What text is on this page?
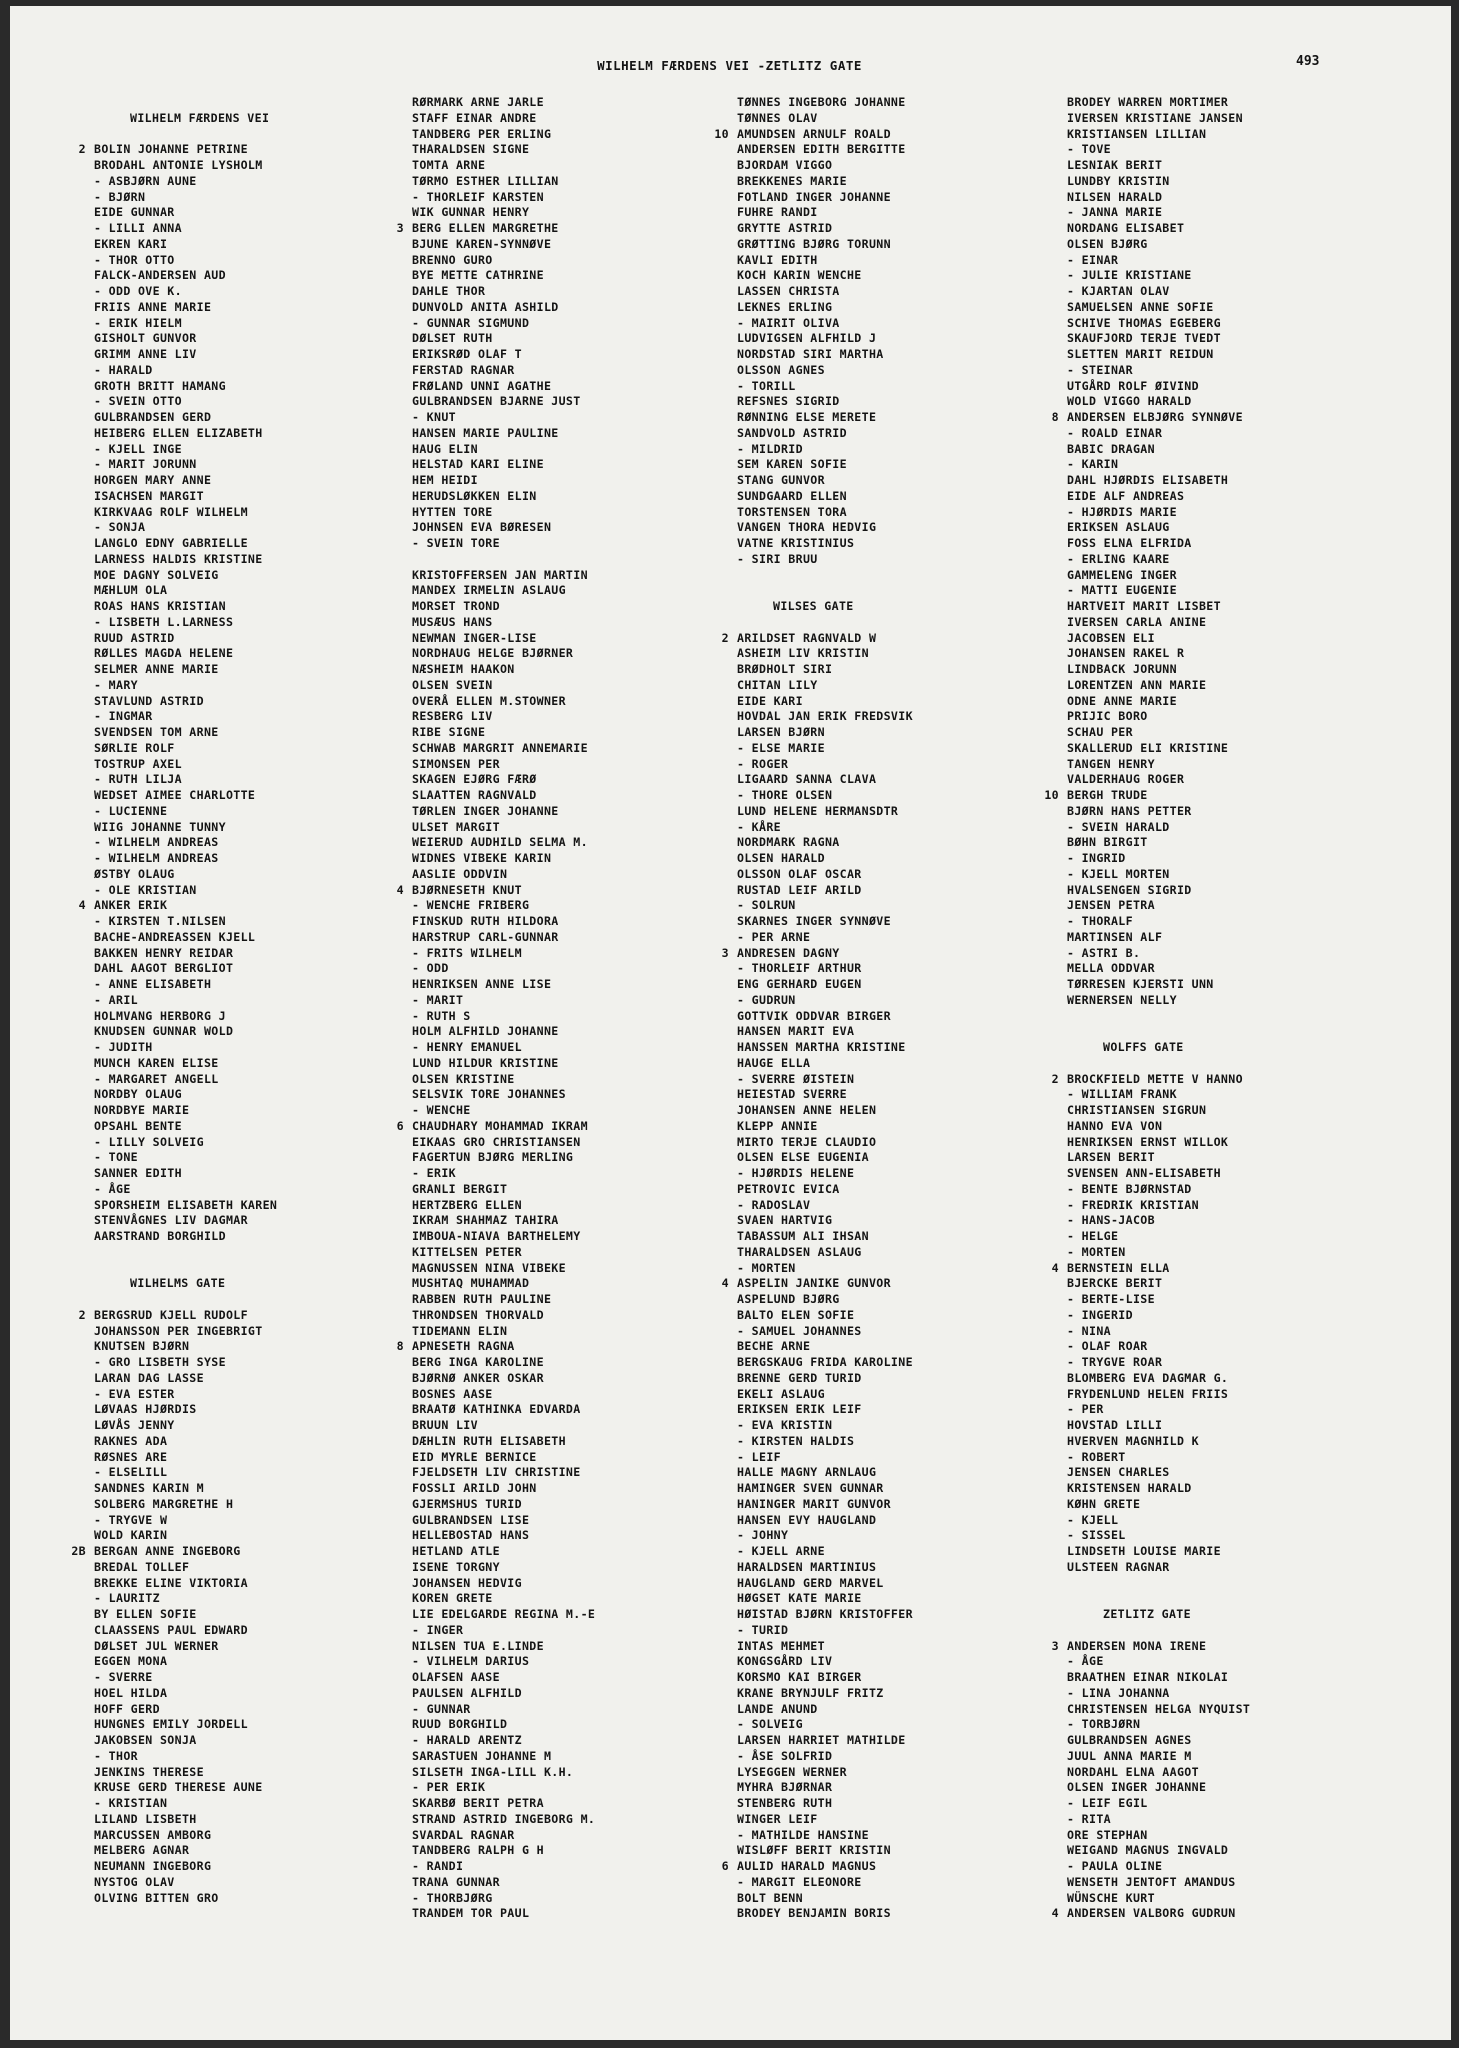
WILHELM FÆRDENS VEI -ZETLITZ GATE	493
WILHELM FÆRDENS VEI
2 BOLIN JOHANNE PETRINE
BRODAHL ANTONIE LYSHOLM
- ASBJØRN AUNE
- BJØRN
EIDE GUNNAR
- LILLI ANNA
EKREN KARI
- THOR OTTO
FALCK-ANDERSEN AUD
- ODD OVE K.
FRIIS ANNE MARIE
- ERIK HIELM
GISHOLT GUNVOR
GRIMM ANNE LIV
- HARALD
GROTH BRITT HAMANG
- SVEIN OTTO
GULBRANDSEN GERD
HEIBERG ELLEN ELIZABETH
- KJELL INGE
- MARIT JORUNN
HORGEN MARY ANNE
ISACHSEN MARGIT
KIRKVAAG ROLF WILHELM
- SONJA
LANGLO EDNY GABRIELLE
LARNESS HALDIS KRISTINE
MOE DAGNY SOLVEIG
MÆHLUM OLA
ROAS HANS KRISTIAN
- LISBETH L.LARNESS
RUUD ASTRID
RØLLES MAGDA HELENE
SELMER ANNE MARIE
- MARY
STAVLUND ASTRID
- INGMAR
SVENDSEN TOM ARNE
SØRLIE ROLF
TOSTRUP AXEL
- RUTH LILJA
WEDSET AIMEE CHARLOTTE
- LUCIENNE
WIIG JOHANNE TUNNY
- WILHELM ANDREAS
- WILHELM ANDREAS
ØSTBY OLAUG
- OLE KRISTIAN
4 ANKER ERIK
- KIRSTEN T.NILSEN
BACHE-ANDREASSEN KJELL
BAKKEN HENRY REIDAR
DAHL AAGOT BERGLIOT
- ANNE ELISABETH
- ARIL
HOLMVANG HERBORG J
KNUDSEN GUNNAR WOLD
- JUDITH
MUNCH KAREN ELISE
- MARGARET ANGELL
NORDBY OLAUG
NORDBYE MARIE
OPSAHL BENTE
- LILLY SOLVEIG
- TONE
SANNER EDITH
- ÅGE
SPORSHEIM ELISABETH KAREN
STENVÅGNES LIV DAGMAR
AARSTRAND BORGHILD
WILHELMS GATE
2 BERGSRUD KJELL RUDOLF
JOHANSSON PER INGEBRIGT
KNUTSEN BJØRN
- GRO LISBETH SYSE
LARAN DAG LASSE
- EVA ESTER
LØVAAS HJØRDIS
LØVÅS JENNY
RAKNES ADA
RØSNES ARE
- ELSELILL
SANDNES KARIN M
SOLBERG MARGRETHE H
- TRYGVE W
WOLD KARIN
2B BERGAN ANNE INGEBORG
BREDAL TOLLEF
BREKKE ELINE VIKTORIA
- LAURITZ
BY ELLEN SOFIE
CLAASSENS PAUL EDWARD
DØLSET JUL WERNER
EGGEN MONA
- SVERRE
HOEL HILDA
HOFF GERD
HUNGNES EMILY JORDELL
JAKOBSEN SONJA
- THOR
JENKINS THERESE
KRUSE GERD THERESE AUNE
- KRISTIAN
LILAND LISBETH
MARCUSSEN AMBORG
MELBERG AGNAR
NEUMANN INGEBORG
NYSTOG OLAV
OLVING BITTEN GRO
RØRMARK ARNE JARLE
STAFF EINAR ANDRE
TANDBERG PER ERLING
THARALDSEN SIGNE
TOMTA ARNE
TØRMO ESTHER LILLIAN
- THORLEIF KARSTEN
WIK GUNNAR HENRY
3 BERG ELLEN MARGRETHE
BJUNE KAREN-SYNNØVE
BRENNO GURO
BYE METTE CATHRINE
DAHLE THOR
DUNVOLD ANITA ASHILD
- GUNNAR SIGMUND
DØLSET RUTH
ERIKSRØD OLAF T
FERSTAD RAGNAR
FRØLAND UNNI AGATHE
GULBRANDSEN BJARNE JUST
- KNUT
HANSEN MARIE PAULINE
HAUG ELIN
HELSTAD KARI ELINE
HEM HEIDI
HERUDSLØKKEN ELIN
HYTTEN TORE
JOHNSEN EVA BØRESEN
- SVEIN TORE
KRISTOFFERSEN JAN MARTIN
MANDEX IRMELIN ASLAUG
MORSET TROND
MUSÆUS HANS
NEWMAN INGER-LISE
NORDHAUG HELGE BJØRNER
NÆSHEIM HAAKON
OLSEN SVEIN
OVERÅ ELLEN M.STOWNER
RESBERG LIV
RIBE SIGNE
SCHWAB MARGRIT ANNEMARIE
SIMONSEN PER
SKAGEN EJØRG FÆRØ
SLAATTEN RAGNVALD
TØRLEN INGER JOHANNE
ULSET MARGIT
WEIERUD AUDHILD SELMA M.
WIDNES VIBEKE KARIN
AASLIE ODDVIN
4 BJØRNESETH KNUT
- WENCHE FRIBERG
FINSKUD RUTH HILDORA
HARSTRUP CARL-GUNNAR
- FRITS WILHELM
- ODD
HENRIKSEN ANNE LISE
- MARIT
- RUTH S
HOLM ALFHILD JOHANNE
- HENRY EMANUEL
LUND HILDUR KRISTINE
OLSEN KRISTINE
SELSVIK TORE JOHANNES
- WENCHE
6 CHAUDHARY MOHAMMAD IKRAM
EIKAAS GRO CHRISTIANSEN
FAGERTUN BJØRG MERLING
- ERIK
GRANLI BERGIT
HERTZBERG ELLEN
IKRAM SHAHMAZ TAHIRA
IMBOUA-NIAVA BARTHELEMY
KITTELSEN PETER
MAGNUSSEN NINA VIBEKE
MUSHTAQ MUHAMMAD
RABBEN RUTH PAULINE
THRONDSEN THORVALD
TIDEMANN ELIN
8 APNESETH RAGNA
BERG INGA KAROLINE
BJØRNØ ANKER OSKAR
BOSNES AASE
BRAATØ KATHINKA EDVARDA
BRUUN LIV
DÆHLIN RUTH ELISABETH
EID MYRLE BERNICE
FJELDSETH LIV CHRISTINE
FOSSLI ARILD JOHN
GJERMSHUS TURID
GULBRANDSEN LISE
HELLEBOSTAD HANS
HETLAND ATLE
ISENE TORGNY
JOHANSEN HEDVIG
KOREN GRETE
LIE EDELGARDE REGINA M.-E
- INGER
NILSEN TUA E.LINDE
- VILHELM DARIUS
OLAFSEN AASE
PAULSEN ALFHILD
- GUNNAR
RUUD BORGHILD
- HARALD ARENTZ
SARASTUEN JOHANNE M
SILSETH INGA-LILL K.H.
- PER ERIK
SKARBØ BERIT PETRA
STRAND ASTRID INGEBORG M.
SVARDAL RAGNAR
TANDBERG RALPH G H
- RANDI
TRANA GUNNAR
- THORBJØRG
TRANDEM TOR PAUL
TØNNES INGEBORG JOHANNE
TØNNES OLAV
10 AMUNDSEN ARNULF ROALD
ANDERSEN EDITH BERGITTE
BJORDAM VIGGO
BREKKENES MARIE
FOTLAND INGER JOHANNE
FUHRE RANDI
GRYTTE ASTRID
GRØTTING BJØRG TORUNN
KAVLI EDITH
KOCH KARIN WENCHE
LASSEN CHRISTA
LEKNES ERLING
- MAIRIT OLIVA
LUDVIGSEN ALFHILD J
NORDSTAD SIRI MARTHA
OLSSON AGNES
- TORILL
REFSNES SIGRID
RØNNING ELSE MERETE
SANDVOLD ASTRID
- MILDRID
SEM KAREN SOFIE
STANG GUNVOR
SUNDGAARD ELLEN
TORSTENSEN TORA
VANGEN THORA HEDVIG
VATNE KRISTINIUS
- SIRI BRUU
WILSES GATE
2 ARILDSET RAGNVALD W
ASHEIM LIV KRISTIN
BRØDHOLT SIRI
CHITAN LILY
EIDE KARI
HOVDAL JAN ERIK FREDSVIK
LARSEN BJØRN
- ELSE MARIE
- ROGER
LIGAARD SANNA CLAVA
- THORE OLSEN
LUND HELENE HERMANSDTR
- KÅRE
NORDMARK RAGNA
OLSEN HARALD
OLSSON OLAF OSCAR
RUSTAD LEIF ARILD
- SOLRUN
SKARNES INGER SYNNØVE
- PER ARNE
3 ANDRESEN DAGNY
- THORLEIF ARTHUR
ENG GERHARD EUGEN
- GUDRUN
GOTTVIK ODDVAR BIRGER
HANSEN MARIT EVA
HANSSEN MARTHA KRISTINE
HAUGE ELLA
- SVERRE ØISTEIN
HEIESTAD SVERRE
JOHANSEN ANNE HELEN
KLEPP ANNIE
MIRTO TERJE CLAUDIO
OLSEN ELSE EUGENIA
- HJØRDIS HELENE
PETROVIC EVICA
- RADOSLAV
SVAEN HARTVIG
TABASSUM ALI IHSAN
THARALDSEN ASLAUG
- MORTEN
4 ASPELIN JANIKE GUNVOR
ASPELUND BJØRG
BALTO ELEN SOFIE
- SAMUEL JOHANNES
BECHE ARNE
BERGSKAUG FRIDA KAROLINE
BRENNE GERD TURID
EKELI ASLAUG
ERIKSEN ERIK LEIF
- EVA KRISTIN
- KIRSTEN HALDIS
- LEIF
HALLE MAGNY ARNLAUG
HAMINGER SVEN GUNNAR
HANINGER MARIT GUNVOR
HANSEN EVY HAUGLAND
- JOHNY
- KJELL ARNE
HARALDSEN MARTINIUS
HAUGLAND GERD MARVEL
HØGSET KATE MARIE
HØISTAD BJØRN KRISTOFFER
- TURID
INTAS MEHMET
KONGSGÅRD LIV
KORSMO KAI BIRGER
KRANE BRYNJULF FRITZ
LANDE ANUND
- SOLVEIG
LARSEN HARRIET MATHILDE
- ÅSE SOLFRID
LYSEGGEN WERNER
MYHRA BJØRNAR
STENBERG RUTH
WINGER LEIF
- MATHILDE HANSINE
WISLØFF BERIT KRISTIN
6 AULID HARALD MAGNUS
- MARGIT ELEONORE
BOLT BENN
BRODEY BENJAMIN BORIS
BRODEY WARREN MORTIMER
IVERSEN KRISTIANE JANSEN
KRISTIANSEN LILLIAN
- TOVE
LESNIAK BERIT
LUNDBY KRISTIN
NILSEN HARALD
- JANNA MARIE
NORDANG ELISABET
OLSEN BJØRG
- EINAR
- JULIE KRISTIANE
- KJARTAN OLAV
SAMUELSEN ANNE SOFIE
SCHIVE THOMAS EGEBERG
SKAUFJORD TERJE TVEDT
SLETTEN MARIT REIDUN
- STEINAR
UTGÅRD ROLF ØIVIND
WOLD VIGGO HARALD
8 ANDERSEN ELBJØRG SYNNØVE
- ROALD EINAR
BABIC DRAGAN
- KARIN
DAHL HJØRDIS ELISABETH
EIDE ALF ANDREAS
- HJØRDIS MARIE
ERIKSEN ASLAUG
FOSS ELNA ELFRIDA
- ERLING KAARE
GAMMELENG INGER
- MATTI EUGENIE
HARTVEIT MARIT LISBET
IVERSEN CARLA ANINE
JACOBSEN ELI
JOHANSEN RAKEL R
LINDBACK JORUNN
LORENTZEN ANN MARIE
ODNE ANNE MARIE
PRIJIC BORO
SCHAU PER
SKALLERUD ELI KRISTINE
TANGEN HENRY
VALDERHAUG ROGER
10 BERGH TRUDE
BJØRN HANS PETTER
- SVEIN HARALD
BØHN BIRGIT
- INGRID
- KJELL MORTEN
HVALSENGEN SIGRID
JENSEN PETRA
- THORALF
MARTINSEN ALF
- ASTRI B.
MELLA ODDVAR
TØRRESEN KJERSTI UNN
WERNERSEN NELLY
WOLFFS GATE
2 BROCKFIELD METTE V HANNO
- WILLIAM FRANK
CHRISTIANSEN SIGRUN
HANNO EVA VON
HENRIKSEN ERNST WILLOK
LARSEN BERIT
SVENSEN ANN-ELISABETH
- BENTE BJØRNSTAD
- FREDRIK KRISTIAN
- HANS-JACOB
- HELGE
- MORTEN
4 BERNSTEIN ELLA
BJERCKE BERIT
- BERTE-LISE
- INGERID
- NINA
- OLAF ROAR
- TRYGVE ROAR
BLOMBERG EVA DAGMAR G.
FRYDENLUND HELEN FRIIS
- PER
HOVSTAD LILLI
HVERVEN MAGNHILD K
- ROBERT
JENSEN CHARLES
KRISTENSEN HARALD
KØHN GRETE
- KJELL
- SISSEL
LINDSETH LOUISE MARIE
ULSTEEN RAGNAR
ZETLITZ GATE
3 ANDERSEN MONA IRENE
- ÅGE
BRAATHEN EINAR NIKOLAI
- LINA JOHANNA
CHRISTENSEN HELGA NYQUIST
- TORBJØRN
GULBRANDSEN AGNES
JUUL ANNA MARIE M
NORDAHL ELNA AAGOT
OLSEN INGER JOHANNE
- LEIF EGIL
- RITA
ORE STEPHAN
WEIGAND MAGNUS INGVALD
- PAULA OLINE
WENSETH JENTOFT AMANDUS
WÜNSCHE KURT
4 ANDERSEN VALBORG GUDRUN
